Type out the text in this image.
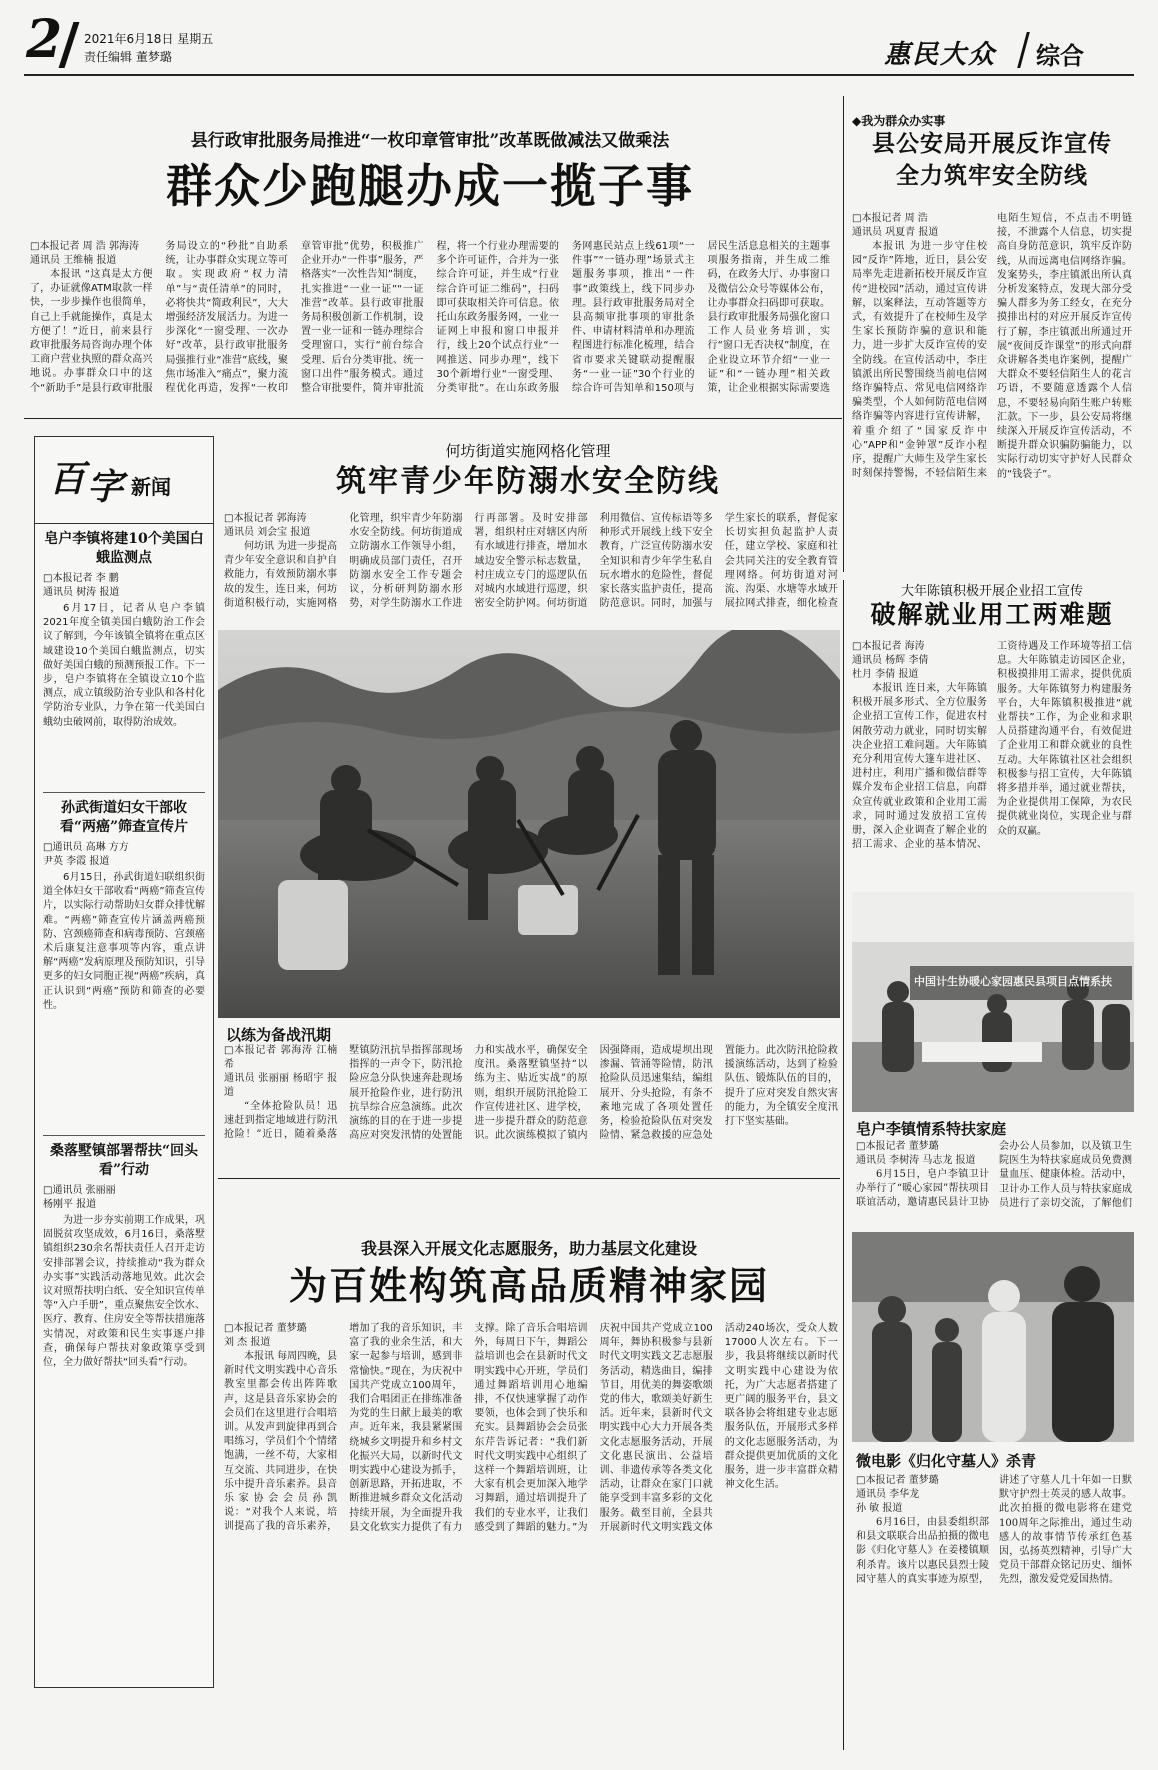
2 2021年6月18日 星期五
责任编辑 董梦璐	惠民大众 综合
县行政审批服务局推进“一枚印章管审批”改革既做减法又做乘法
群众少跑腿办成一揽子事
□本报记者 周 浩 郭海涛
通讯员 王维楠 报道

本报讯 “这真是太方便了，办证就像ATM取款一样快，一步步操作也很简单，自己上手就能操作，真是太方便了！”近日，前来县行政审批服务局咨询办理个体工商户营业执照的群众高兴地说。办事群众口中的这个“新助手”是县行政审批服务局设立的“秒批”自助系统，让办事群众实现立等可取。实现政府“权力清单”与“责任清单”的同时，必将快共“简政利民”，大大增强经济发展活力。为进一步深化“一窗受理、一次办好”改革，县行政审批服务局强推行业“准营”底线，聚焦市场准入“痛点”，聚力流程优化再造，发挥“一枚印章管审批”优势，积极推广企业开办“一件事”服务，严格落实“一次性告知”制度，扎实推进“一业一证”“一证准营”改革。县行政审批服务局积极创新工作机制，设置一业一证和一链办理综合受理窗口，实行“前台综合受理、后台分类审批、统一窗口出件”服务模式。通过整合审批要件，简并审批流程，将一个行业办理需要的多个许可证件，合并为一张综合许可证，并生成“行业综合许可证二维码”，扫码即可获取相关许可信息。依托山东政务服务网，一业一证网上申报和窗口申报并行，线上20个试点行业“一网推送、同步办理”，线下30个新增行业“一窗受理、分类审批”。在山东政务服务网惠民站点上线61项“一件事”“一链办理”场景式主题服务事项，推出“一件事”政策线上，线下同步办理。县行政审批服务局对全县高频审批事项的审批条件、申请材料清单和办理流程图进行标准化梳理，结合省市要求关键联动提醒服务“一业一证”30个行业的综合许可告知单和150项与居民生活息息相关的主题事项服务指南，并生成二维码，在政务大厅、办事窗口及微信公众号等媒体公布，让办事群众扫码即可获取。县行政审批服务局强化窗口工作人员业务培训，实行“窗口无否决权”制度，在企业设立环节介绍“一业一证”和“一链办理”相关政策，让企业根据实际需要选

◆我为群众办实事
县公安局开展反诈宣传
全力筑牢安全防线
□本报记者 周 浩
通讯员 巩夏青 报道

本报讯 为进一步守住校园“反诈”阵地，近日，县公安局率先走进新拓校开展反诈宣传“进校园”活动，通过宣传讲解，以案释法，互动答题等方式，有效提升了在校师生及学生家长预防诈骗的意识和能力，进一步扩大反诈宣传的安全防线。在宣传活动中，李庄镇派出所民警围绕当前电信网络诈骗特点、常见电信网络诈骗类型，个人如何防范电信网络诈骗等内容进行宣传讲解，着重介绍了“国家反诈中心”APP和“金钟罩”反诈小程序，提醒广大师生及学生家长时刻保持警惕，不轻信陌生来电陌生短信，不点击不明链接，不泄露个人信息，切实提高自身防范意识，筑牢反诈防线，从而远离电信网络诈骗。发案势头，李庄镇派出所认真分析发案特点，发现大部分受骗人群多为务工经女，在充分摸排出村的对应开展反诈宣传行了解，李庄镇派出所通过开展“夜间反诈课堂”的形式向群众讲解各类电诈案例，提醒广大群众不要轻信陌生人的花言巧语，不要随意透露个人信息，不要轻易向陌生账户转账汇款。下一步，县公安局将继续深入开展反诈宣传活动，不断提升群众识骗防骗能力，以实际行动切实守护好人民群众的“钱袋子”。

百 字 新闻
皂户李镇将建10个美国白蛾监测点
□本报记者 李 鹏
通讯员 树涛 报道

6月17日，记者从皂户李镇2021年度全镇美国白蛾防治工作会议了解到，今年该镇全镇将在重点区域建设10个美国白蛾监测点，切实做好美国白蛾的预测预报工作。下一步，皂户李镇将在全镇设立10个监测点，成立镇级防治专业队和各村化学防治专业队，力争在第一代美国白蛾幼虫破网前，取得防治成效。

孙武街道妇女干部收看“两癌”筛查宣传片
□通讯员 高琳 方方
尹英 李霞 报道

6月15日，孙武街道妇联组织街道全体妇女干部收看“两癌”筛查宣传片，以实际行动帮助妇女群众排忧解难。“两癌”筛查宣传片涵盖两癌预防、宫颈癌筛查和病毒预防、宫颈癌术后康复注意事项等内容，重点讲解“两癌”发病原理及预防知识，引导更多的妇女同胞正视“两癌”疾病，真正认识到“两癌”预防和筛查的必要性。

桑落墅镇部署帮扶“回头看”行动
□通讯员 张丽丽
杨刚平 报道

为进一步夯实前期工作成果，巩固脱贫攻坚成效，6月16日，桑落墅镇组织230余名帮扶责任人召开走访安排部署会议，持续推动“我为群众办实事”实践活动落地见效。此次会议对照帮扶明白纸、安全知识宣传单等“入户手册”，重点聚焦安全饮水、医疗、教育、住房安全等帮扶措施落实情况，对政策和民生实事逐户排查，确保每户帮扶对象政策享受到位，全力做好帮扶“回头看”行动。

何坊街道实施网格化管理
筑牢青少年防溺水安全防线
□本报记者 郭海涛
通讯员 刘会宝 报道

何坊讯 为进一步提高青少年安全意识和自护自救能力，有效预防溺水事故的发生，连日来，何坊街道积极行动，实施网格化管理，织牢青少年防溺水安全防线。何坊街道成立防溺水工作领导小组，明确成员部门责任，召开防溺水安全工作专题会议，分析研判防溺水形势，对学生防溺水工作进行再部署。及时安排部署，组织村庄对辖区内所有水域进行排查，增加水域边安全警示标志数量，村庄成立专门的巡逻队伍对城内水域进行巡逻，织密安全防护网。何坊街道利用微信、宣传标语等多种形式开展线上线下安全教育，广泛宣传防溺水安全知识和青少年学生私自玩水增水的危险性，督促家长落实监护责任，提高防范意识。同时，加强与学生家长的联系，督促家长切实担负起监护人责任，建立学校、家庭和社会共同关注的安全教育管理网络。何坊街道对河流、沟渠、水塘等水域开展拉网式排查，细化检查

以练为备战汛期
□本报记者 郭海涛 江楠希
通讯员 张丽丽 杨昭宇 报道

“全体抢险队员！迅速赶到指定地域进行防汛抢险！”近日，随着桑落墅镇防汛抗旱指挥部现场指挥的一声令下，防汛抢险应急分队快速奔赴现场展开抢险作业，进行防汛抗旱综合应急演练。此次演练的目的在于进一步提高应对突发汛情的处置能力和实战水平，确保安全度汛。桑落墅镇坚持“以练为主、贴近实战”的原则，组织开展防汛抢险工作宣传进社区、进学校，进一步提升群众的防范意识。此次演练模拟了镇内因强降雨，造成堤坝出现渗漏、管涌等险情，防汛抢险队员迅速集结，编组展开、分头抢险，有条不紊地完成了各项处置任务，检验抢险队伍对突发险情、紧急救援的应急处置能力。此次防汛抢险救援演练活动，达到了检验队伍、锻炼队伍的目的，提升了应对突发自然灾害的能力，为全镇安全度汛打下坚实基础。

大年陈镇积极开展企业招工宣传
破解就业用工两难题
□本报记者 海涛
通讯员 杨辉 李倩
杜月 李倩 报道

本报讯 连日来，大年陈镇积极开展多形式、全方位服务企业招工宣传工作，促进农村闲散劳动力就业，同时切实解决企业招工难问题。大年陈镇充分利用宣传大篷车进社区、进村庄，利用广播和微信群等媒介发布企业招工信息，向群众宣传就业政策和企业用工需求，同时通过发放招工宣传册，深入企业调查了解企业的招工需求、企业的基本情况、工资待遇及工作环境等招工信息。大年陈镇走访园区企业，积极摸排用工需求，提供优质服务。大年陈镇努力构建服务平台，大年陈镇积极推进“就业帮扶”工作，为企业和求职人员搭建沟通平台，有效促进了企业用工和群众就业的良性互动。大年陈镇社区社会组织积极参与招工宣传，大年陈镇将多措并举，通过就业帮扶，为企业提供用工保障，为农民提供就业岗位，实现企业与群众的双赢。

中国计生协暖心家园惠民县项目点情系扶
皂户李镇情系特扶家庭
□本报记者 董梦璐
通讯员 李树涛 马志龙 报道

6月15日，皂户李镇卫计办举行了“暖心家园”帮扶项目联谊活动，邀请惠民县计卫协会办公人员参加，以及镇卫生院医生为特扶家庭成员免费测量血压、健康体检。活动中，卫计办工作人员与特扶家庭成员进行了亲切交流，了解他们

我县深入开展文化志愿服务，助力基层文化建设
为百姓构筑高品质精神家园
□本报记者 董梦璐
刘 杰 报道

本报讯 每周四晚，县新时代文明实践中心音乐教室里都会传出阵阵歌声，这是县音乐家协会的会员们在这里进行合唱培训。从发声到旋律再到合唱练习，学员们个个情绪饱满，一丝不苟，大家相互交流、共同进步，在快乐中提升音乐素养。县音乐家协会会员孙凯说：“对我个人来说，培训提高了我的音乐素养，增加了我的音乐知识，丰富了我的业余生活，和大家一起参与培训，感到非常愉快。”现在，为庆祝中国共产党成立100周年，我们合唱团正在排练准备为党的生日献上最美的歌声。近年来，我县紧紧围绕城乡文明提升和乡村文化振兴大局，以新时代文明实践中心建设为抓手，创新思路，开拓进取，不断推进城乡群众文化活动持续开展，为全面提升我县文化软实力提供了有力支撑。除了音乐合唱培训外，每周日下午，舞蹈公益培训也会在县新时代文明实践中心开班，学员们通过舞蹈培训用心地编排，不仅快速掌握了动作要领，也体会到了快乐和充实。县舞蹈协会会员张东芹告诉记者：“我们新时代文明实践中心组织了这样一个舞蹈培训班，让大家有机会更加深入地学习舞蹈，通过培训提升了我们的专业水平，让我们感受到了舞蹈的魅力。”为庆祝中国共产党成立100周年，舞协积极参与县新时代文明实践文艺志愿服务活动，精选曲目，编排节目，用优美的舞姿歌颂党的伟大，歌颂美好新生活。近年来，县新时代文明实践中心大力开展各类文化志愿服务活动，开展文化惠民演出、公益培训、非遗传承等各类文化活动，让群众在家门口就能享受到丰富多彩的文化服务。截至目前，全县共开展新时代文明实践文体活动240场次，受众人数17000人次左右。下一步，我县将继续以新时代文明实践中心建设为依托，为广大志愿者搭建了更广阔的服务平台，县文联各协会将组建专业志愿服务队伍，开展形式多样的文化志愿服务活动，为群众提供更加优质的文化服务，进一步丰富群众精神文化生活。

微电影《归化守墓人》杀青
□本报记者 董梦璐
通讯员 李华龙
孙 敏 报道

6月16日，由县委组织部和县文联联合出品拍摄的微电影《归化守墓人》在姜楼镇顺利杀青。该片以惠民县烈士陵园守墓人的真实事迹为原型，讲述了守墓人几十年如一日默默守护烈士英灵的感人故事。此次拍摄的微电影将在建党100周年之际推出，通过生动感人的故事情节传承红色基因，弘扬英烈精神，引导广大党员干部群众铭记历史、缅怀先烈，激发爱党爱国热情。
